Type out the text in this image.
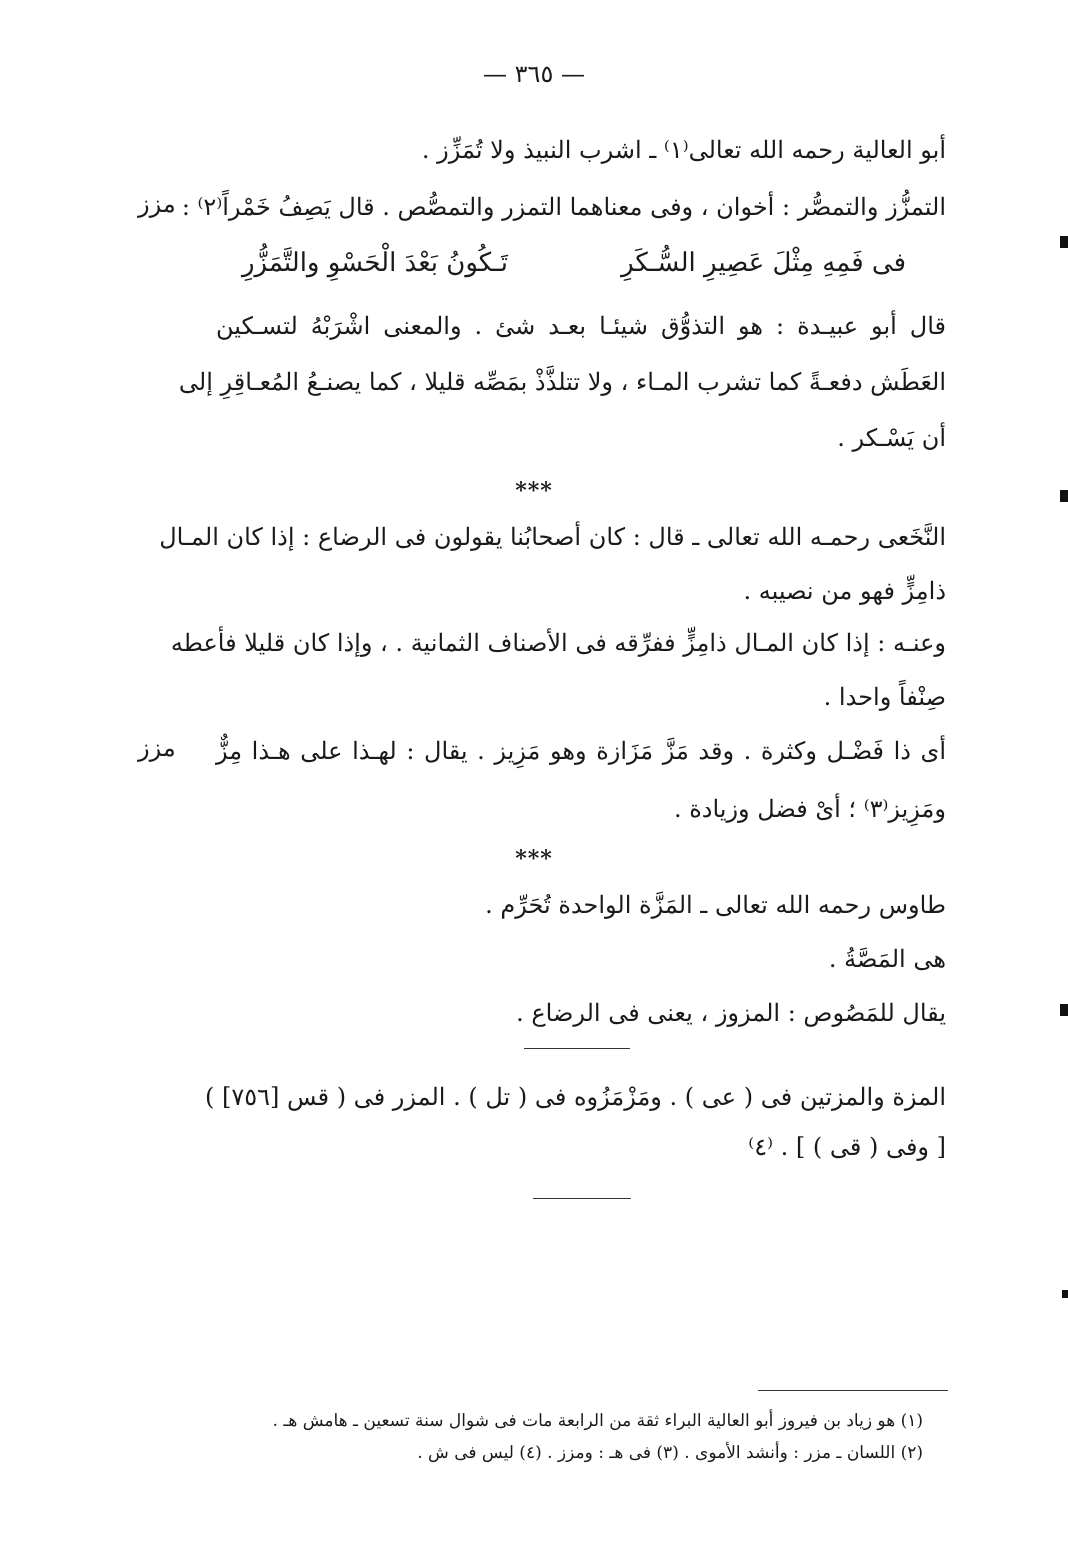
— ٣٦٥ —
أبو العالية رحمه الله تعالى⁽١⁾ ـ اشرب النبيذ ولا تُمَزِّز .
التمزُّز والتمصُّر : أخوان ، وفى معناهما التمزر والتمصُّص . قال يَصِفُ خَمْراً⁽٢⁾ :
مزز
تَـكُونُ بَعْدَ الْحَسْوِ والتَّمَزُّرِ	فى فَمِهِ مِثْلَ عَصِيرِ السُّـكَرِ
قال أبو عبيـدة : هو التذوُّق شيئـا بعـد شئ . والمعنى اشْرَبْهُ لتسـكين
العَطَش دفعـةً كما تشرب المـاء ، ولا تتلذَّذْ بمَصِّه قليلا ، كما يصنـعُ المُعـاقِرِ إلى
أن يَسْـكر .
***
النَّخَعى رحمـه الله تعالى ـ قال : كان أصحابُنا يقولون فى الرضاع : إذا كان المـال
ذامِزٍّ فهو من نصيبه .
وعنـه : إذا كان المـال ذامِزٍّ ففرِّقه فى الأصناف الثمانية . ، وإذا كان قليلا فأعطه
صِنْفاً واحدا .
أى ذا فَضْـل وكثرة . وقد مَزَّ مَزَازة وهو مَزِيز . يقال : لهـذا على هـذا مِزٌّ
مزز
ومَزِيز⁽٣⁾ ؛ أىْ فضل وزيادة .
***
طاوس رحمه الله تعالى ـ المَزَّة الواحدة تُحَرِّم .
هى المَصَّةُ .
يقال للمَصُوص : المزوز ، يعنى فى الرضاع .
المزة والمزتين فى ( عى ) . ومَزْمَزُوه فى ( تل ) . المزر فى ( قس [٧٥٦] )
[ وفى ( قى ) ] . ⁽٤⁾
(١) هو زياد بن فيروز أبو العالية البراء ثقة من الرابعة مات فى شوال سنة تسعين ـ هامش هـ .
(٢) اللسان ـ مزر : وأنشد الأموى . (٣) فى هـ : ومزز . (٤) ليس فى ش .
